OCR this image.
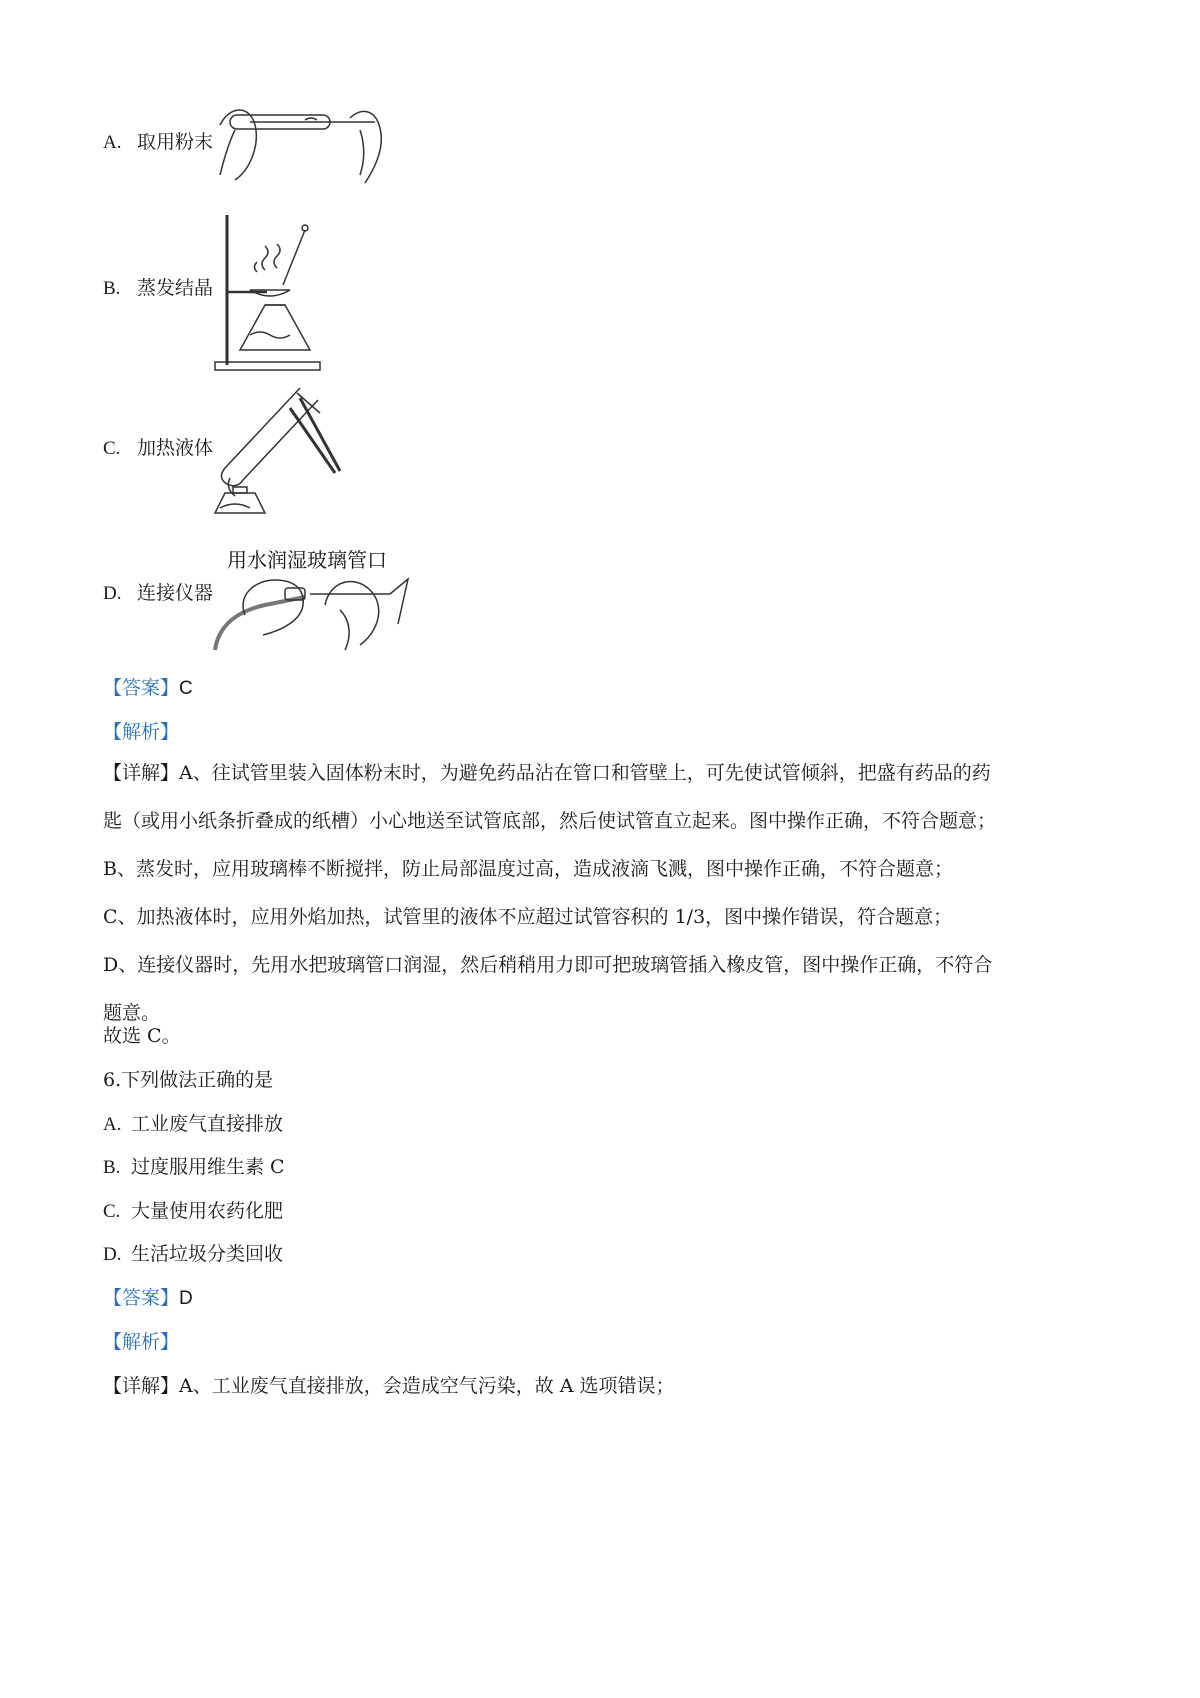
A. 取用粉末
B. 蒸发结晶
C. 加热液体
用水润湿玻璃管口
D. 连接仪器
【答案】C
【解析】
【详解】A、往试管里装入固体粉末时，为避免药品沾在管口和管壁上，可先使试管倾斜，把盛有药品的药
匙（或用小纸条折叠成的纸槽）小心地送至试管底部，然后使试管直立起来。图中操作正确，不符合题意；
B、蒸发时，应用玻璃棒不断搅拌，防止局部温度过高，造成液滴飞溅，图中操作正确，不符合题意；
C、加热液体时，应用外焰加热，试管里的液体不应超过试管容积的 1/3，图中操作错误，符合题意；
D、连接仪器时，先用水把玻璃管口润湿，然后稍稍用力即可把玻璃管插入橡皮管，图中操作正确，不符合
题意。
故选 C。
6.下列做法正确的是
A. 工业废气直接排放
B. 过度服用维生素 C
C. 大量使用农药化肥
D. 生活垃圾分类回收
【答案】D
【解析】
【详解】A、工业废气直接排放，会造成空气污染，故 A 选项错误；
